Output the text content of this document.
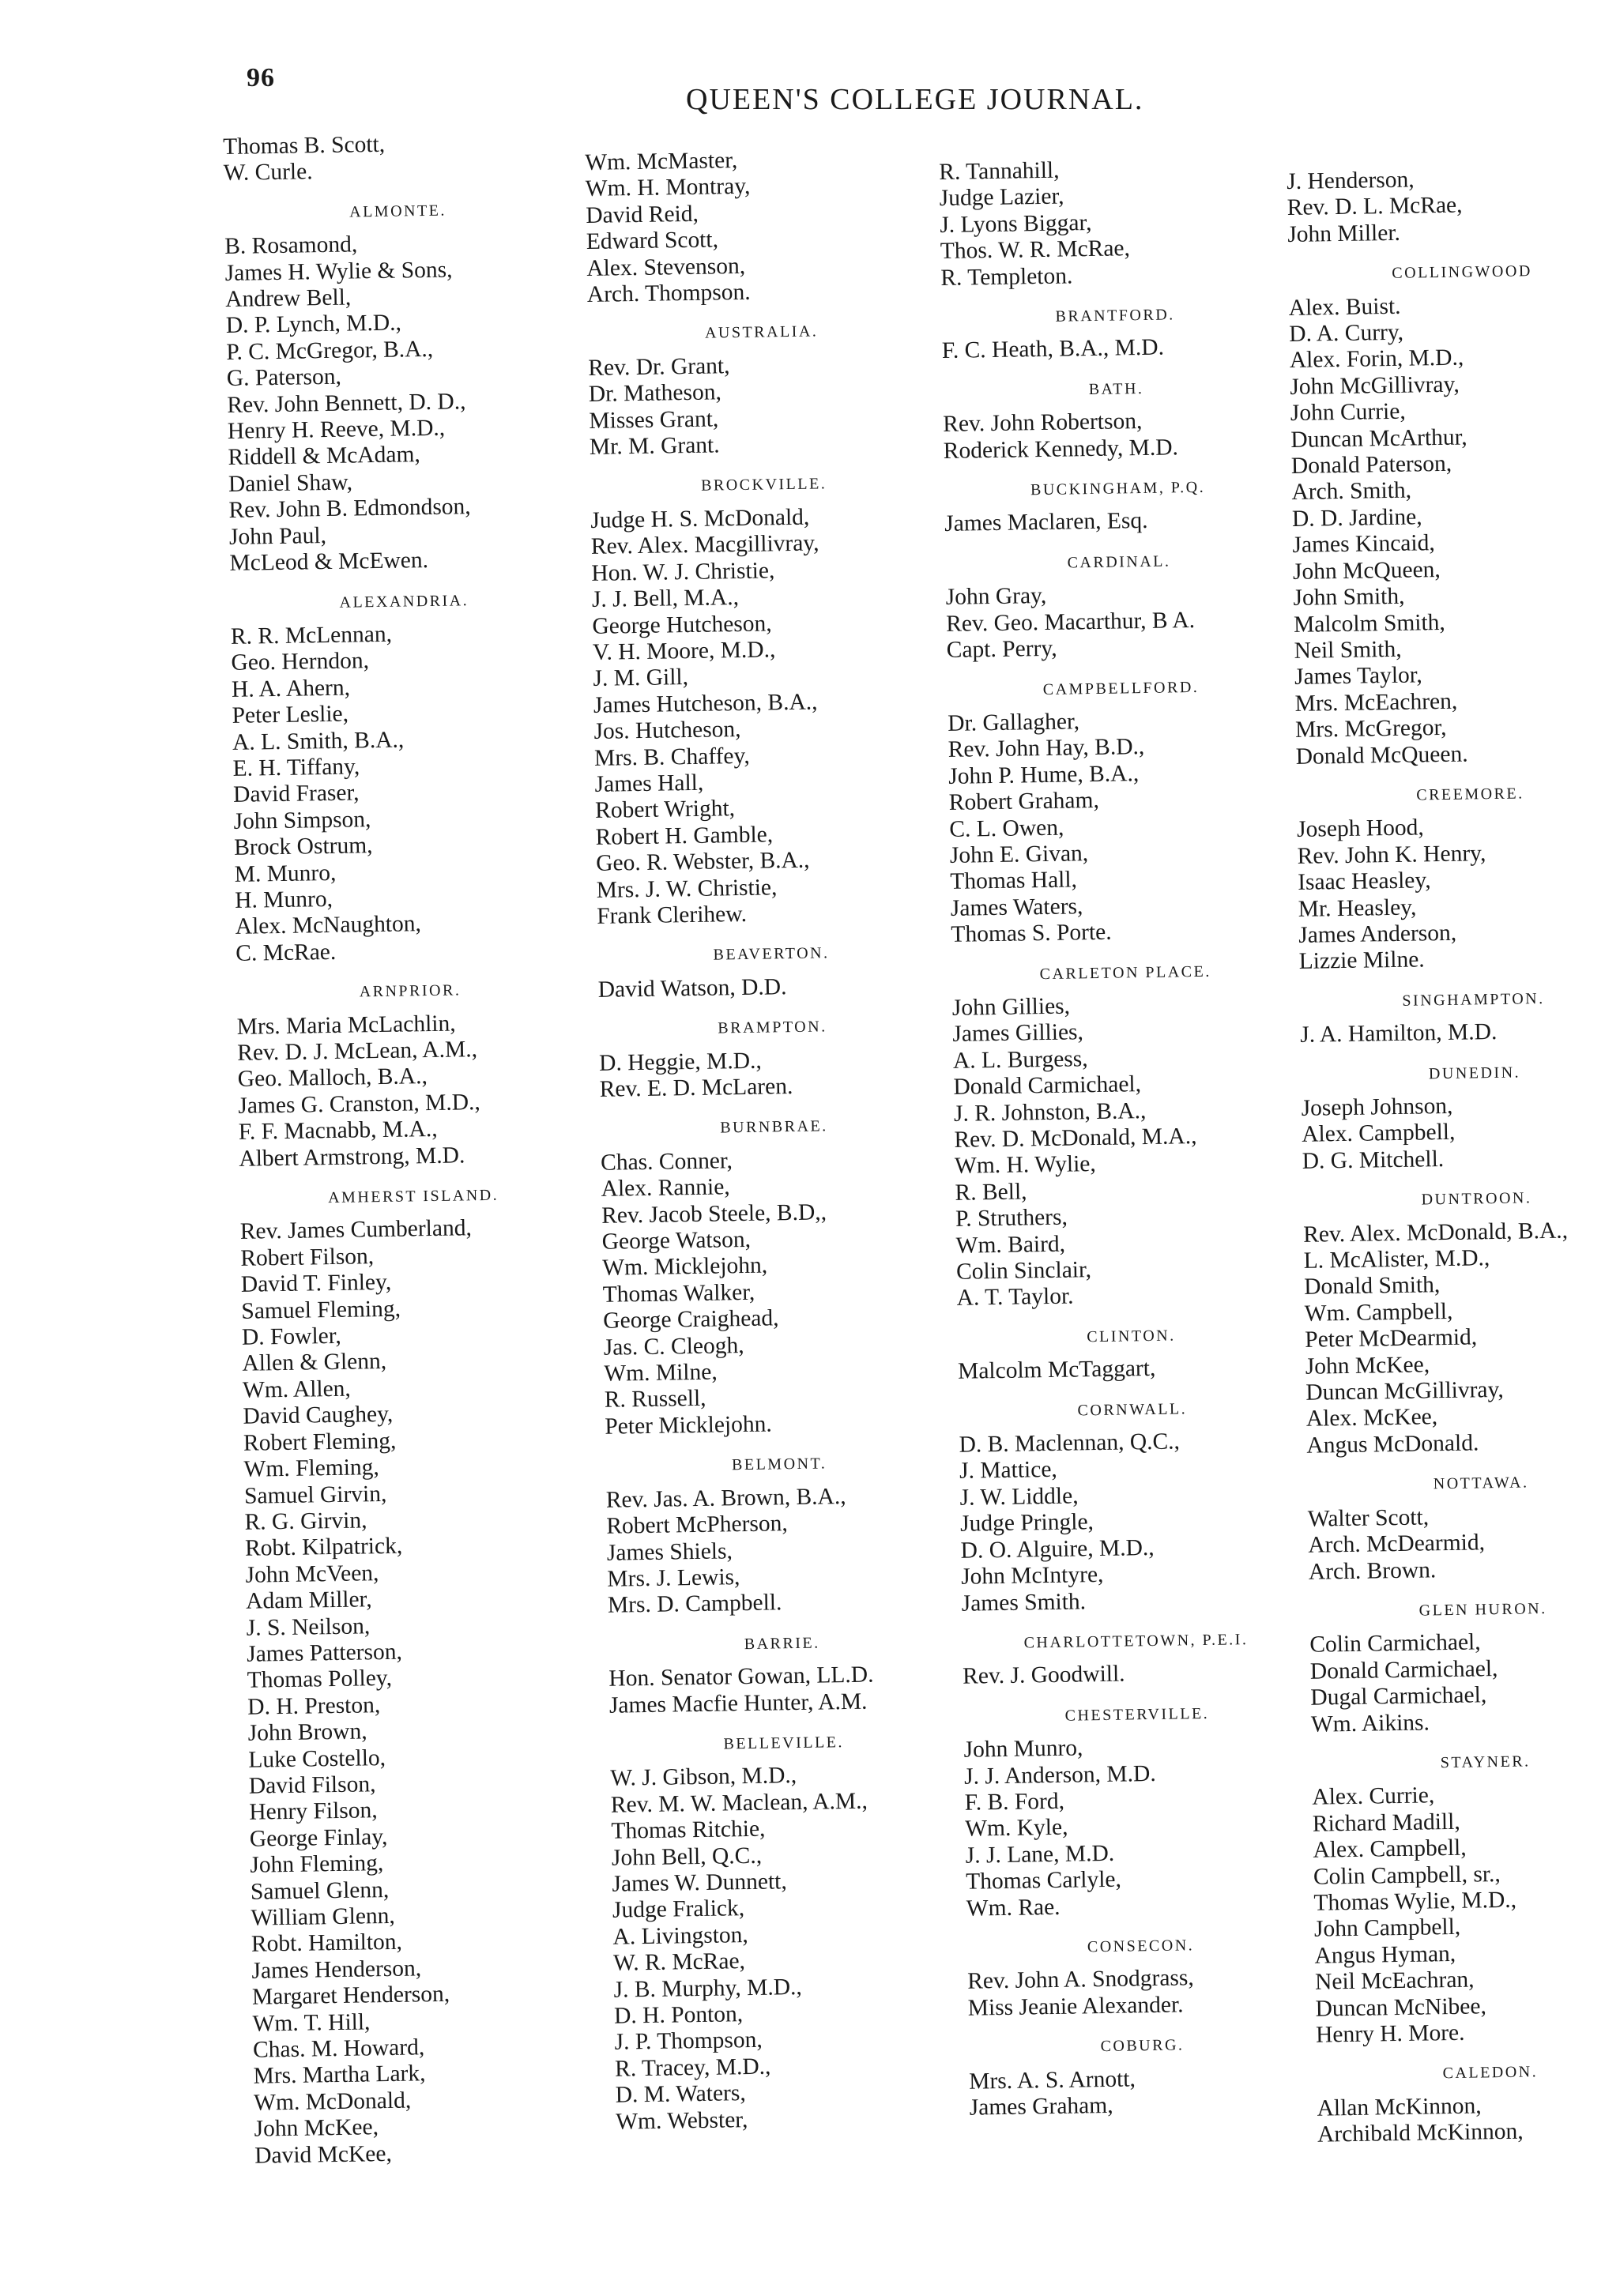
96
QUEEN'S COLLEGE JOURNAL.
Thomas B. Scott,
W. Curle.
ALMONTE.
B. Rosamond,
James H. Wylie & Sons,
Andrew Bell,
D. P. Lynch, M.D.,
P. C. McGregor, B.A.,
G. Paterson,
Rev. John Bennett, D. D.,
Henry H. Reeve, M.D.,
Riddell & McAdam,
Daniel Shaw,
Rev. John B. Edmondson,
John Paul,
McLeod & McEwen.
ALEXANDRIA.
R. R. McLennan,
Geo. Herndon,
H. A. Ahern,
Peter Leslie,
A. L. Smith, B.A.,
E. H. Tiffany,
David Fraser,
John Simpson,
Brock Ostrum,
M. Munro,
H. Munro,
Alex. McNaughton,
C. McRae.
ARNPRIOR.
Mrs. Maria McLachlin,
Rev. D. J. McLean, A.M.,
Geo. Malloch, B.A.,
James G. Cranston, M.D.,
F. F. Macnabb, M.A.,
Albert Armstrong, M.D.
AMHERST ISLAND.
Rev. James Cumberland,
Robert Filson,
David T. Finley,
Samuel Fleming,
D. Fowler,
Allen & Glenn,
Wm. Allen,
David Caughey,
Robert Fleming,
Wm. Fleming,
Samuel Girvin,
R. G. Girvin,
Robt. Kilpatrick,
John McVeen,
Adam Miller,
J. S. Neilson,
James Patterson,
Thomas Polley,
D. H. Preston,
John Brown,
Luke Costello,
David Filson,
Henry Filson,
George Finlay,
John Fleming,
Samuel Glenn,
William Glenn,
Robt. Hamilton,
James Henderson,
Margaret Henderson,
Wm. T. Hill,
Chas. M. Howard,
Mrs. Martha Lark,
Wm. McDonald,
John McKee,
David McKee,
Wm. McMaster,
Wm. H. Montray,
David Reid,
Edward Scott,
Alex. Stevenson,
Arch. Thompson.
AUSTRALIA.
Rev. Dr. Grant,
Dr. Matheson,
Misses Grant,
Mr. M. Grant.
BROCKVILLE.
Judge H. S. McDonald,
Rev. Alex. Macgillivray,
Hon. W. J. Christie,
J. J. Bell, M.A.,
George Hutcheson,
V. H. Moore, M.D.,
J. M. Gill,
James Hutcheson, B.A.,
Jos. Hutcheson,
Mrs. B. Chaffey,
James Hall,
Robert Wright,
Robert H. Gamble,
Geo. R. Webster, B.A.,
Mrs. J. W. Christie,
Frank Clerihew.
BEAVERTON.
David Watson, D.D.
BRAMPTON.
D. Heggie, M.D.,
Rev. E. D. McLaren.
BURNBRAE.
Chas. Conner,
Alex. Rannie,
Rev. Jacob Steele, B.D,,
George Watson,
Wm. Micklejohn,
Thomas Walker,
George Craighead,
Jas. C. Cleogh,
Wm. Milne,
R. Russell,
Peter Micklejohn.
BELMONT.
Rev. Jas. A. Brown, B.A.,
Robert McPherson,
James Shiels,
Mrs. J. Lewis,
Mrs. D. Campbell.
BARRIE.
Hon. Senator Gowan, LL.D.
James Macfie Hunter, A.M.
BELLEVILLE.
W. J. Gibson, M.D.,
Rev. M. W. Maclean, A.M.,
Thomas Ritchie,
John Bell, Q.C.,
James W. Dunnett,
Judge Fralick,
A. Livingston,
W. R. McRae,
J. B. Murphy, M.D.,
D. H. Ponton,
J. P. Thompson,
R. Tracey, M.D.,
D. M. Waters,
Wm. Webster,
R. Tannahill,
Judge Lazier,
J. Lyons Biggar,
Thos. W. R. McRae,
R. Templeton.
BRANTFORD.
F. C. Heath, B.A., M.D.
BATH.
Rev. John Robertson,
Roderick Kennedy, M.D.
BUCKINGHAM, P.Q.
James Maclaren, Esq.
CARDINAL.
John Gray,
Rev. Geo. Macarthur, B A.
Capt. Perry,
CAMPBELLFORD.
Dr. Gallagher,
Rev. John Hay, B.D.,
John P. Hume, B.A.,
Robert Graham,
C. L. Owen,
John E. Givan,
Thomas Hall,
James Waters,
Thomas S. Porte.
CARLETON PLACE.
John Gillies,
James Gillies,
A. L. Burgess,
Donald Carmichael,
J. R. Johnston, B.A.,
Rev. D. McDonald, M.A.,
Wm. H. Wylie,
R. Bell,
P. Struthers,
Wm. Baird,
Colin Sinclair,
A. T. Taylor.
CLINTON.
Malcolm McTaggart,
CORNWALL.
D. B. Maclennan, Q.C.,
J. Mattice,
J. W. Liddle,
Judge Pringle,
D. O. Alguire, M.D.,
John McIntyre,
James Smith.
CHARLOTTETOWN, P.E.I.
Rev. J. Goodwill.
CHESTERVILLE.
John Munro,
J. J. Anderson, M.D.
F. B. Ford,
Wm. Kyle,
J. J. Lane, M.D.
Thomas Carlyle,
Wm. Rae.
CONSECON.
Rev. John A. Snodgrass,
Miss Jeanie Alexander.
COBURG.
Mrs. A. S. Arnott,
James Graham,
J. Henderson,
Rev. D. L. McRae,
John Miller.
COLLINGWOOD
Alex. Buist.
D. A. Curry,
Alex. Forin, M.D.,
John McGillivray,
John Currie,
Duncan McArthur,
Donald Paterson,
Arch. Smith,
D. D. Jardine,
James Kincaid,
John McQueen,
John Smith,
Malcolm Smith,
Neil Smith,
James Taylor,
Mrs. McEachren,
Mrs. McGregor,
Donald McQueen.
CREEMORE.
Joseph Hood,
Rev. John K. Henry,
Isaac Heasley,
Mr. Heasley,
James Anderson,
Lizzie Milne.
SINGHAMPTON.
J. A. Hamilton, M.D.
DUNEDIN.
Joseph Johnson,
Alex. Campbell,
D. G. Mitchell.
DUNTROON.
Rev. Alex. McDonald, B.A.,
L. McAlister, M.D.,
Donald Smith,
Wm. Campbell,
Peter McDearmid,
John McKee,
Duncan McGillivray,
Alex. McKee,
Angus McDonald.
NOTTAWA.
Walter Scott,
Arch. McDearmid,
Arch. Brown.
GLEN HURON.
Colin Carmichael,
Donald Carmichael,
Dugal Carmichael,
Wm. Aikins.
STAYNER.
Alex. Currie,
Richard Madill,
Alex. Campbell,
Colin Campbell, sr.,
Thomas Wylie, M.D.,
John Campbell,
Angus Hyman,
Neil McEachran,
Duncan McNibee,
Henry H. More.
CALEDON.
Allan McKinnon,
Archibald McKinnon,
